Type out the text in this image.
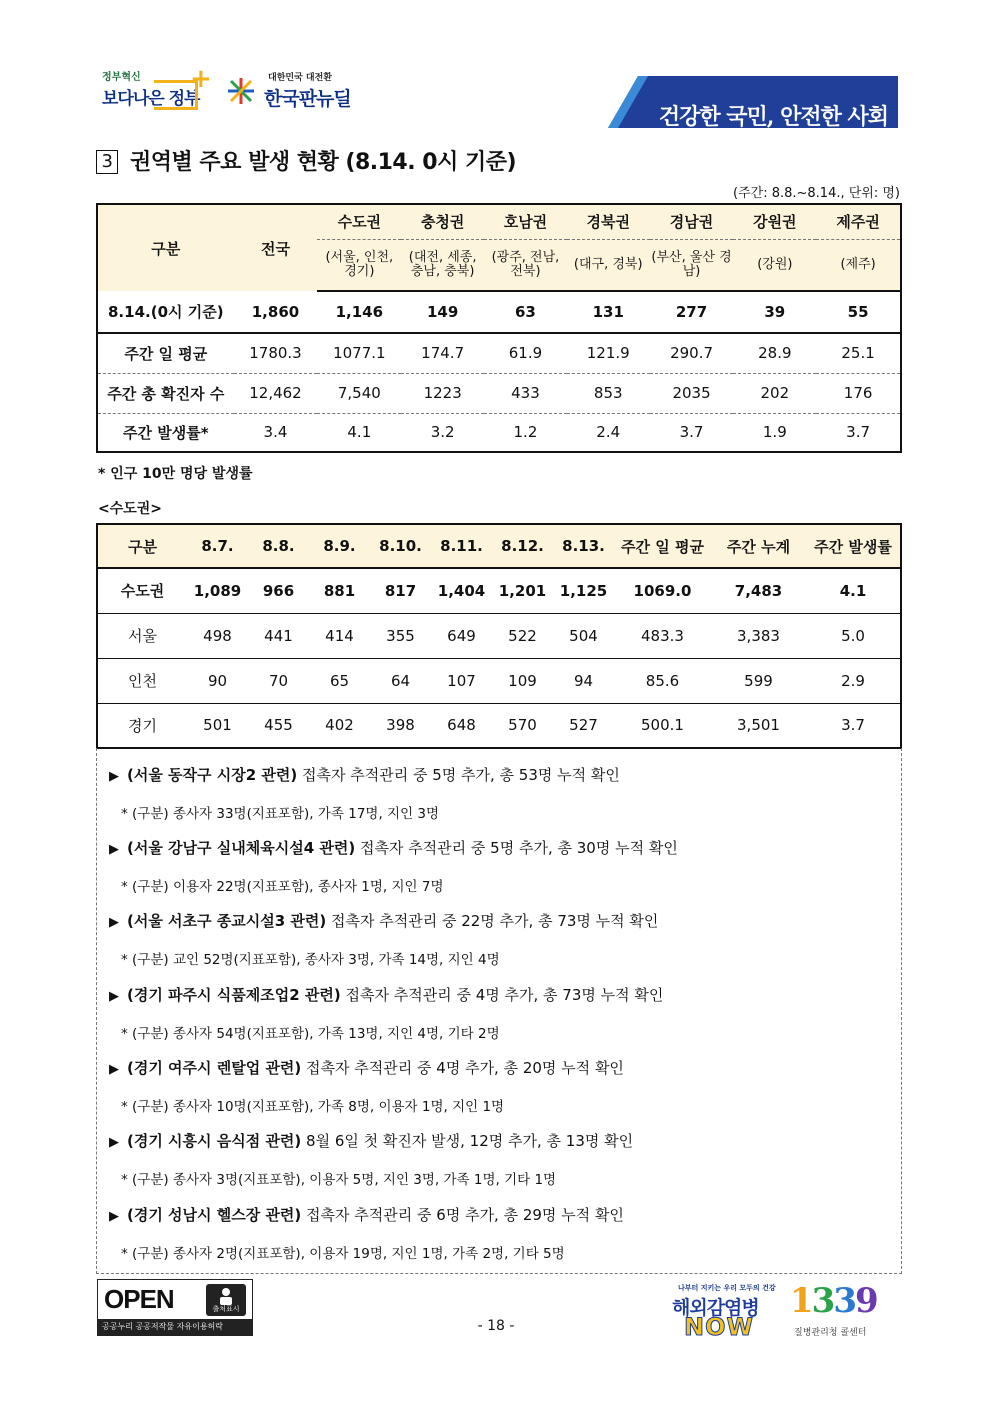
정부혁신
보다나은 정부
+	대한민국 대전환
한국판뉴딜
건강한 국민, 안전한 사회
3 권역별 주요 발생 현황 (8.14. 0시 기준)
(주간: 8.8.~8.14., 단위: 명)
구분	전국	수도권	충청권	호남권	경북권	경남권	강원권	제주권
		(서울, 인천, 경기)	(대전, 세종, 충남, 충북)	(광주, 전남, 전북)	(대구, 경북)	(부산, 울산 경남)	(강원)	(제주)
8.14.(0시 기준)	1,860	1,146	149	63	131	277	39	55
주간 일 평균	1780.3	1077.1	174.7	61.9	121.9	290.7	28.9	25.1
주간 총 확진자 수	12,462	7,540	1223	433	853	2035	202	176
주간 발생률*	3.4	4.1	3.2	1.2	2.4	3.7	1.9	3.7
* 인구 10만 명당 발생률
<수도권>
구분	8.7.	8.8.	8.9.	8.10.	8.11.	8.12.	8.13.	주간 일 평균	주간 누계	주간 발생률
수도권	1,089	966	881	817	1,404	1,201	1,125	1069.0	7,483	4.1
서울	498	441	414	355	649	522	504	483.3	3,383	5.0
인천	90	70	65	64	107	109	94	85.6	599	2.9
경기	501	455	402	398	648	570	527	500.1	3,501	3.7
▶ (서울 동작구 시장2 관련) 접촉자 추적관리 중 5명 추가, 총 53명 누적 확인
* (구분) 종사자 33명(지표포함), 가족 17명, 지인 3명
▶ (서울 강남구 실내체육시설4 관련) 접촉자 추적관리 중 5명 추가, 총 30명 누적 확인
* (구분) 이용자 22명(지표포함), 종사자 1명, 지인 7명
▶ (서울 서초구 종교시설3 관련) 접촉자 추적관리 중 22명 추가, 총 73명 누적 확인
* (구분) 교인 52명(지표포함), 종사자 3명, 가족 14명, 지인 4명
▶ (경기 파주시 식품제조업2 관련) 접촉자 추적관리 중 4명 추가, 총 73명 누적 확인
* (구분) 종사자 54명(지표포함), 가족 13명, 지인 4명, 기타 2명
▶ (경기 여주시 렌탈업 관련) 접촉자 추적관리 중 4명 추가, 총 20명 누적 확인
* (구분) 종사자 10명(지표포함), 가족 8명, 이용자 1명, 지인 1명
▶ (경기 시흥시 음식점 관련) 8월 6일 첫 확진자 발생, 12명 추가, 총 13명 확인
* (구분) 종사자 3명(지표포함), 이용자 5명, 지인 3명, 가족 1명, 기타 1명
▶ (경기 성남시 헬스장 관련) 접촉자 추적관리 중 6명 추가, 총 29명 누적 확인
* (구분) 종사자 2명(지표포함), 이용자 19명, 지인 1명, 가족 2명, 기타 5명
OPEN	출처표시
공공누리 공공저작물 자유이용허락	- 18 -
나부터 지키는 우리 모두의 건강
해외감염병
NOW
1339
질병관리청 콜센터
